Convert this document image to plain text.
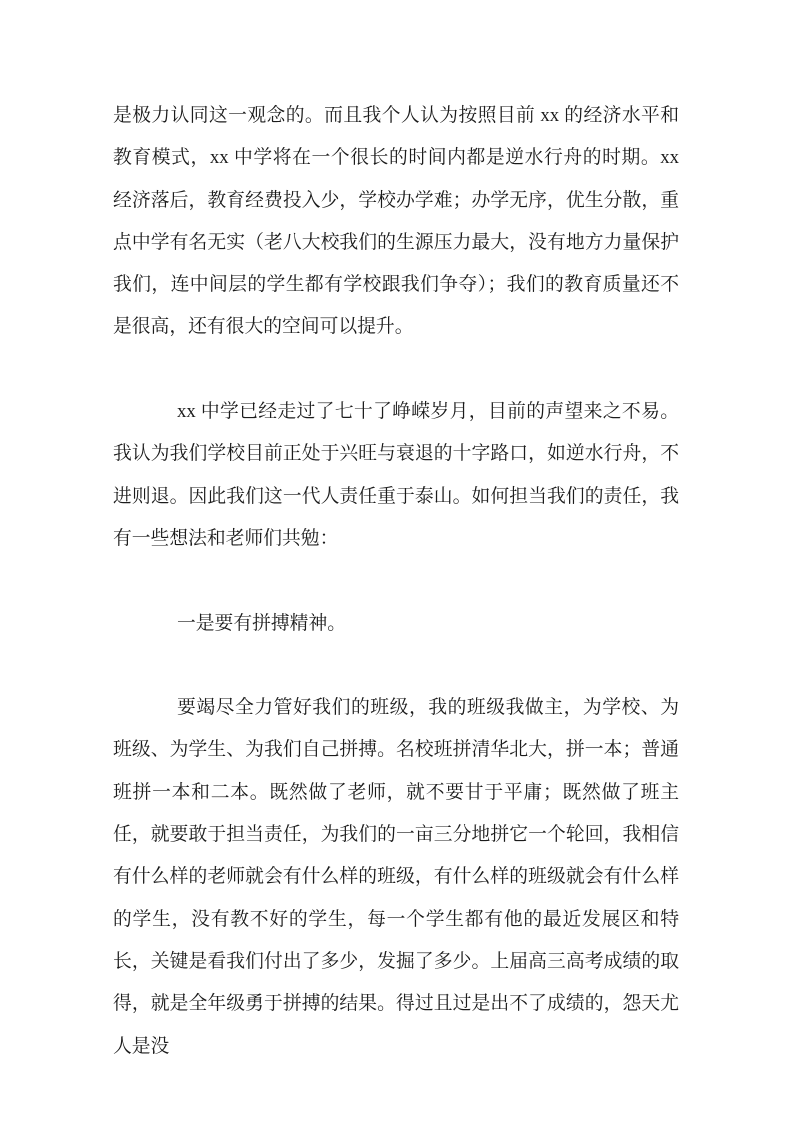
是极力认同这一观念的。而且我个人认为按照目前 xx 的经济水平和教育模式，xx 中学将在一个很长的时间内都是逆水行舟的时期。xx 经济落后，教育经费投入少，学校办学难；办学无序，优生分散，重点中学有名无实（老八大校我们的生源压力最大，没有地方力量保护我们，连中间层的学生都有学校跟我们争夺）；我们的教育质量还不是很高，还有很大的空间可以提升。

xx 中学已经走过了七十了峥嵘岁月，目前的声望来之不易。我认为我们学校目前正处于兴旺与衰退的十字路口，如逆水行舟，不进则退。因此我们这一代人责任重于泰山。如何担当我们的责任，我有一些想法和老师们共勉：

一是要有拼搏精神。

要竭尽全力管好我们的班级，我的班级我做主，为学校、为班级、为学生、为我们自己拼搏。名校班拼清华北大，拼一本；普通班拼一本和二本。既然做了老师，就不要甘于平庸；既然做了班主任，就要敢于担当责任，为我们的一亩三分地拼它一个轮回，我相信有什么样的老师就会有什么样的班级，有什么样的班级就会有什么样的学生，没有教不好的学生，每一个学生都有他的最近发展区和特长，关键是看我们付出了多少，发掘了多少。上届高三高考成绩的取得，就是全年级勇于拼搏的结果。得过且过是出不了成绩的，怨天尤人是没
